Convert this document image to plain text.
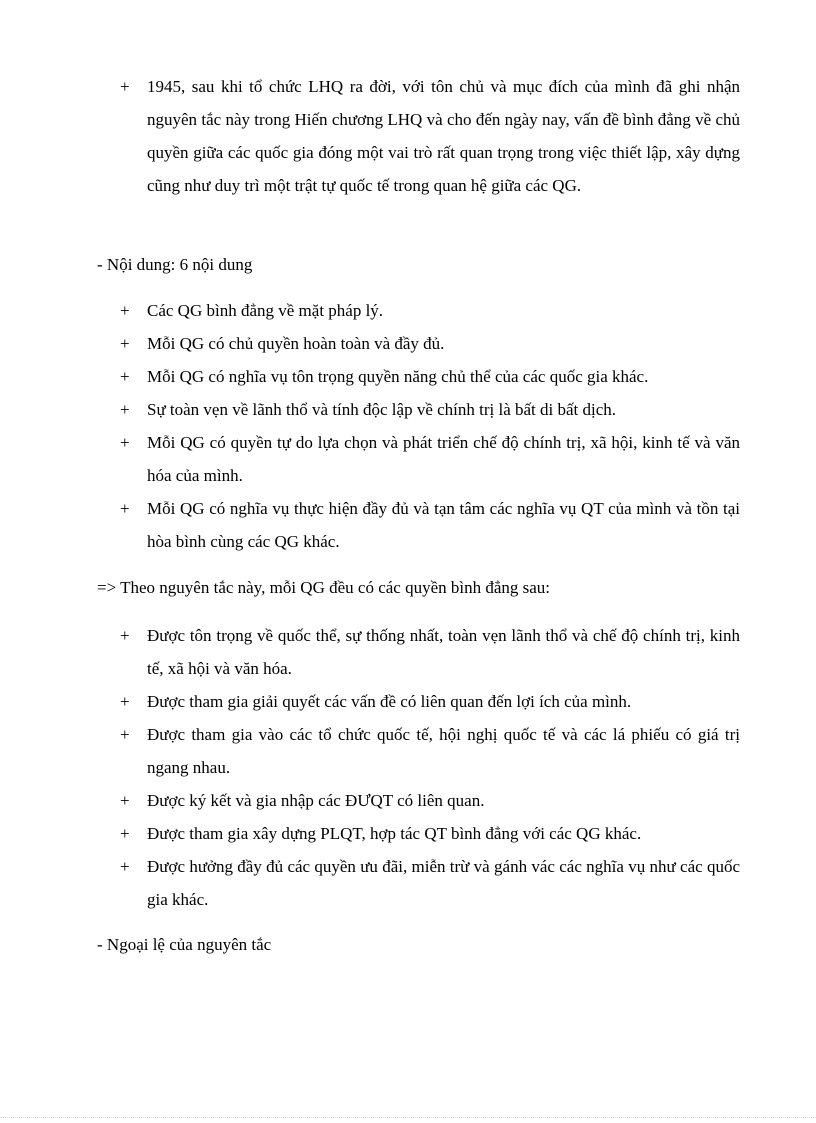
+	1945, sau khi tổ chức LHQ ra đời, với tôn chủ và mục đích của mình đã ghi nhận nguyên tắc này trong Hiến chương LHQ và cho đến ngày nay, vấn đề bình đẳng về chủ quyền giữa các quốc gia đóng một vai trò rất quan trọng trong việc thiết lập, xây dựng cũng như duy trì một trật tự quốc tế trong quan hệ giữa các QG.
- Nội dung: 6 nội dung
+	Các QG bình đẳng về mặt pháp lý.
+	Mỗi QG có chủ quyền hoàn toàn và đầy đủ.
+	Mỗi QG có nghĩa vụ tôn trọng quyền năng chủ thể của các quốc gia khác.
+	Sự toàn vẹn về lãnh thổ và tính độc lập về chính trị là bất di bất dịch.
+	Mỗi QG có quyền tự do lựa chọn và phát triển chế độ chính trị, xã hội, kinh tế và văn hóa của mình.
+	Mỗi QG có nghĩa vụ thực hiện đầy đủ và tạn tâm các nghĩa vụ QT của mình và tồn tại hòa bình cùng các QG khác.
=> Theo nguyên tắc này, mỗi QG đều có các quyền bình đẳng sau:
+	Được tôn trọng về quốc thể, sự thống nhất, toàn vẹn lãnh thổ và chế độ chính trị, kinh tế, xã hội và văn hóa.
+	Được tham gia giải quyết các vấn đề có liên quan đến lợi ích của mình.
+	Được tham gia vào các tổ chức quốc tế, hội nghị quốc tế và các lá phiếu có giá trị ngang nhau.
+	Được ký kết và gia nhập các ĐƯQT có liên quan.
+	Được tham gia xây dựng PLQT, hợp tác QT bình đẳng với các QG khác.
+	Được hưởng đầy đủ các quyền ưu đãi, miễn trừ và gánh vác các nghĩa vụ như các quốc gia khác.
- Ngoại lệ của nguyên tắc
